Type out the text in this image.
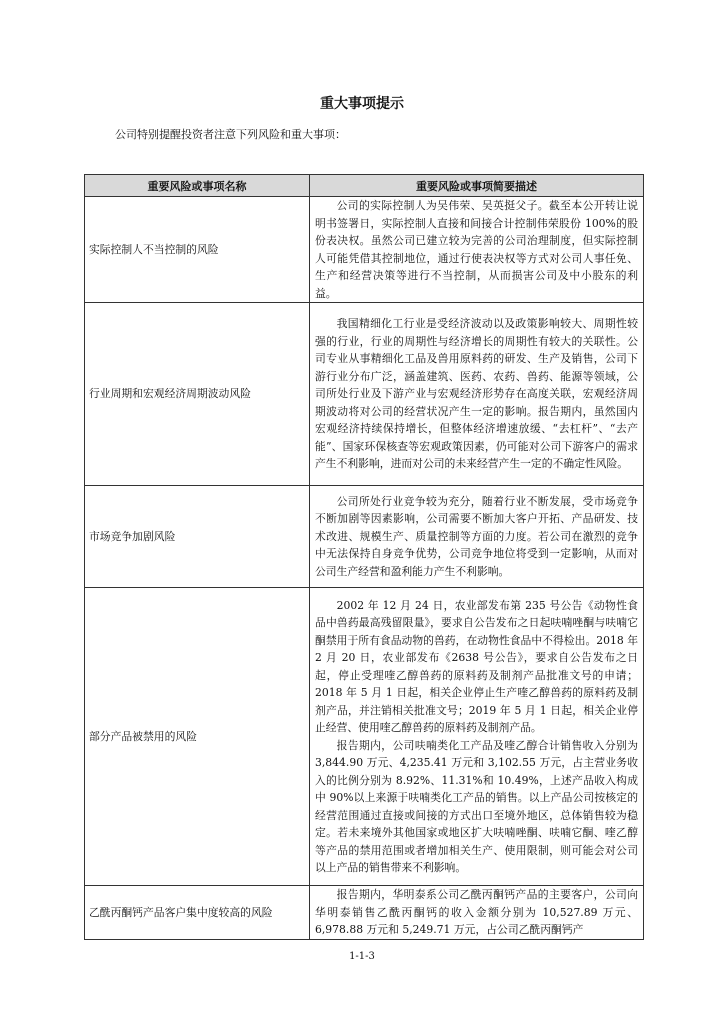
重大事项提示
公司特别提醒投资者注意下列风险和重大事项：
重要风险或事项名称	重要风险或事项简要描述
实际控制人不当控制的风险	公司的实际控制人为吴伟荣、吴英挺父子。截至本公开转让说明书签署日，实际控制人直接和间接合计控制伟荣股份 100%的股份表决权。虽然公司已建立较为完善的公司治理制度，但实际控制人可能凭借其控制地位，通过行使表决权等方式对公司人事任免、生产和经营决策等进行不当控制，从而损害公司及中小股东的利益。

行业周期和宏观经济周期波动风险	我国精细化工行业是受经济波动以及政策影响较大、周期性较强的行业，行业的周期性与经济增长的周期性有较大的关联性。公司专业从事精细化工品及兽用原料药的研发、生产及销售，公司下游行业分布广泛，涵盖建筑、医药、农药、兽药、能源等领域，公司所处行业及下游产业与宏观经济形势存在高度关联，宏观经济周期波动将对公司的经营状况产生一定的影响。报告期内，虽然国内宏观经济持续保持增长，但整体经济增速放缓、“去杠杆”、“去产能”、国家环保核查等宏观政策因素，仍可能对公司下游客户的需求产生不利影响，进而对公司的未来经营产生一定的不确定性风险。

市场竞争加剧风险	公司所处行业竞争较为充分，随着行业不断发展，受市场竞争不断加剧等因素影响，公司需要不断加大客户开拓、产品研发、技术改进、规模生产、质量控制等方面的力度。若公司在激烈的竞争中无法保持自身竞争优势，公司竞争地位将受到一定影响，从而对公司生产经营和盈利能力产生不利影响。

部分产品被禁用的风险	2002 年 12 月 24 日，农业部发布第 235 号公告《动物性食品中兽药最高残留限量》，要求自公告发布之日起呋喃唑酮与呋喃它酮禁用于所有食品动物的兽药，在动物性食品中不得检出。2018 年 2 月 20 日，农业部发布《2638 号公告》，要求自公告发布之日起，停止受理喹乙醇兽药的原料药及制剂产品批准文号的申请；2018 年 5 月 1 日起，相关企业停止生产喹乙醇兽药的原料药及制剂产品，并注销相关批准文号；2019 年 5 月 1 日起，相关企业停止经营、使用喹乙醇兽药的原料药及制剂产品。

报告期内，公司呋喃类化工产品及喹乙醇合计销售收入分别为 3,844.90 万元、4,235.41 万元和 3,102.55 万元，占主营业务收入的比例分别为 8.92%、11.31%和 10.49%，上述产品收入构成中 90%以上来源于呋喃类化工产品的销售。以上产品公司按核定的经营范围通过直接或间接的方式出口至境外地区，总体销售较为稳定。若未来境外其他国家或地区扩大呋喃唑酮、呋喃它酮、喹乙醇等产品的禁用范围或者增加相关生产、使用限制，则可能会对公司以上产品的销售带来不利影响。

乙酰丙酮钙产品客户集中度较高的风险	报告期内，华明泰系公司乙酰丙酮钙产品的主要客户，公司向华明泰销售乙酰丙酮钙的收入金额分别为 10,527.89 万元、6,978.88 万元和 5,249.71 万元，占公司乙酰丙酮钙产

1-1-3
